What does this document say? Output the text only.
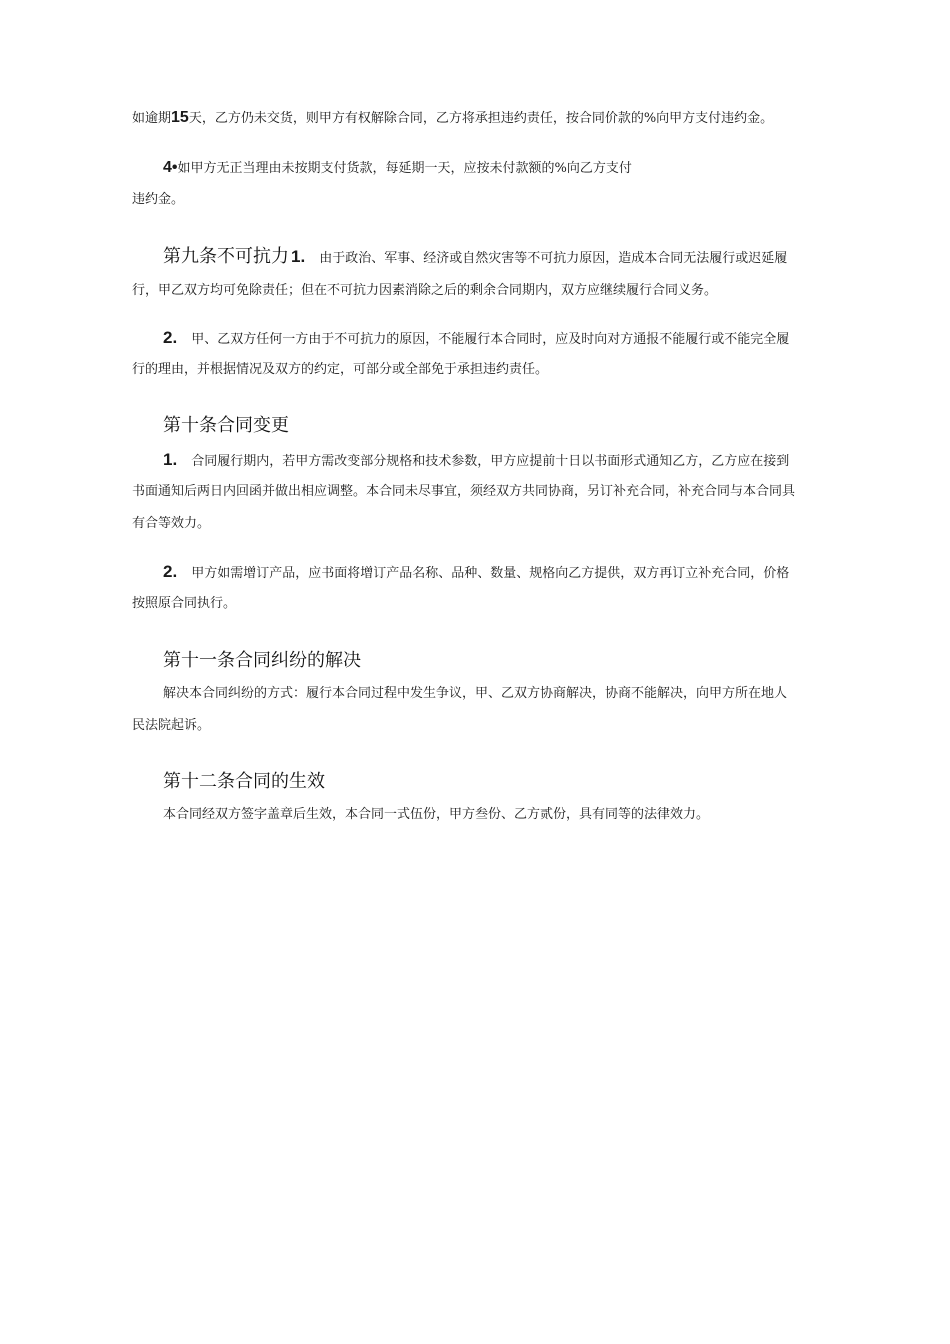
如逾期15天，乙方仍未交货，则甲方有权解除合同，乙方将承担违约责任，按合同价款的%向甲方支付违约金。
4•如甲方无正当理由未按期支付货款，每延期一天，应按未付款额的%向乙方支付
违约金。
第九条不可抗力 1. 由于政治、军事、经济或自然灾害等不可抗力原因，造成本合同无法履行或迟延履
行，甲乙双方均可免除责任；但在不可抗力因素消除之后的剩余合同期内，双方应继续履行合同义务。
2. 甲、乙双方任何一方由于不可抗力的原因，不能履行本合同时，应及时向对方通报不能履行或不能完全履
行的理由，并根据情况及双方的约定，可部分或全部免于承担违约责任。
第十条合同变更
1. 合同履行期内，若甲方需改变部分规格和技术参数，甲方应提前十日以书面形式通知乙方，乙方应在接到
书面通知后两日内回函并做出相应调整。本合同未尽事宜，须经双方共同协商，另订补充合同，补充合同与本合同具
有合等效力。
2. 甲方如需增订产品，应书面将增订产品名称、品种、数量、规格向乙方提供，双方再订立补充合同，价格
按照原合同执行。
第十一条合同纠纷的解决
解决本合同纠纷的方式：履行本合同过程中发生争议，甲、乙双方协商解决，协商不能解决，向甲方所在地人
民法院起诉。
第十二条合同的生效
本合同经双方签字盖章后生效，本合同一式伍份，甲方叁份、乙方贰份，具有同等的法律效力。
